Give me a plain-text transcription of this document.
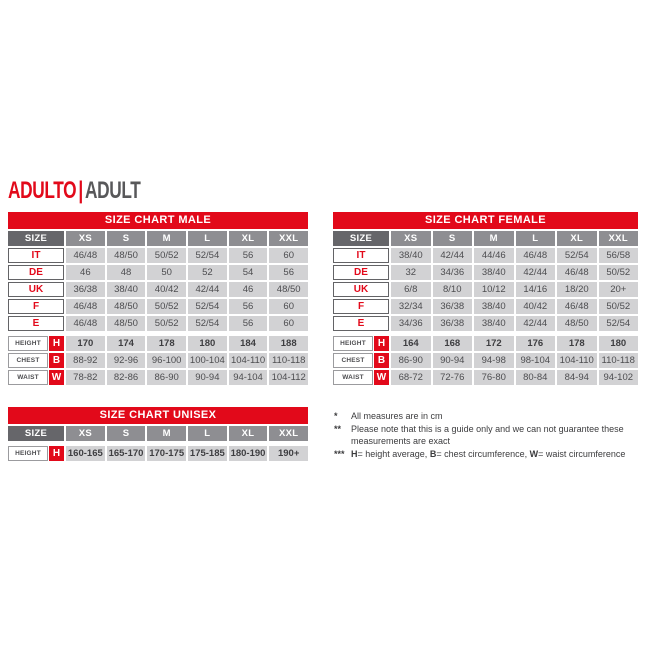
ADULTO|ADULT
SIZE CHART MALE
SIZE	XS	S	M	L	XL	XXL
IT	46/48	48/50	50/52	52/54	56	60
DE	46	48	50	52	54	56
UK	36/38	38/40	40/42	42/44	46	48/50
F	46/48	48/50	50/52	52/54	56	60
E	46/48	48/50	50/52	52/54	56	60
HEIGHT	H	170	174	178	180	184	188
CHEST	B	88-92	92-96	96-100 100-104 104-110 110-118
WAIST	W	78-82	82-86	86-90	90-94	94-104 104-112
SIZE CHART FEMALE
SIZE	XS	S	M	L	XL	XXL
IT	38/40	42/44	44/46	46/48	52/54	56/58
DE	32	34/36	38/40	42/44	46/48	50/52
UK	6/8	8/10	10/12	14/16	18/20	20+
F	32/34	36/38	38/40	40/42	46/48	50/52
E	34/36	36/38	38/40	42/44	48/50	52/54
HEIGHT	H	164	168	172	176	178	180
CHEST	B	86-90	90-94	94-98	98-104	104-110 110-118
WAIST	W	68-72	72-76	76-80	80-84	84-94	94-102
SIZE CHART UNISEX
SIZE	XS	S	M	L	XL	XXL
HEIGHT	H 160-165 165-170 170-175 175-185 180-190	190+
*	All measures are in cm
**	Please note that this is a guide only and we can not guarantee these measurements are exact
*** H= height average, B= chest circumference, W= waist circumference
